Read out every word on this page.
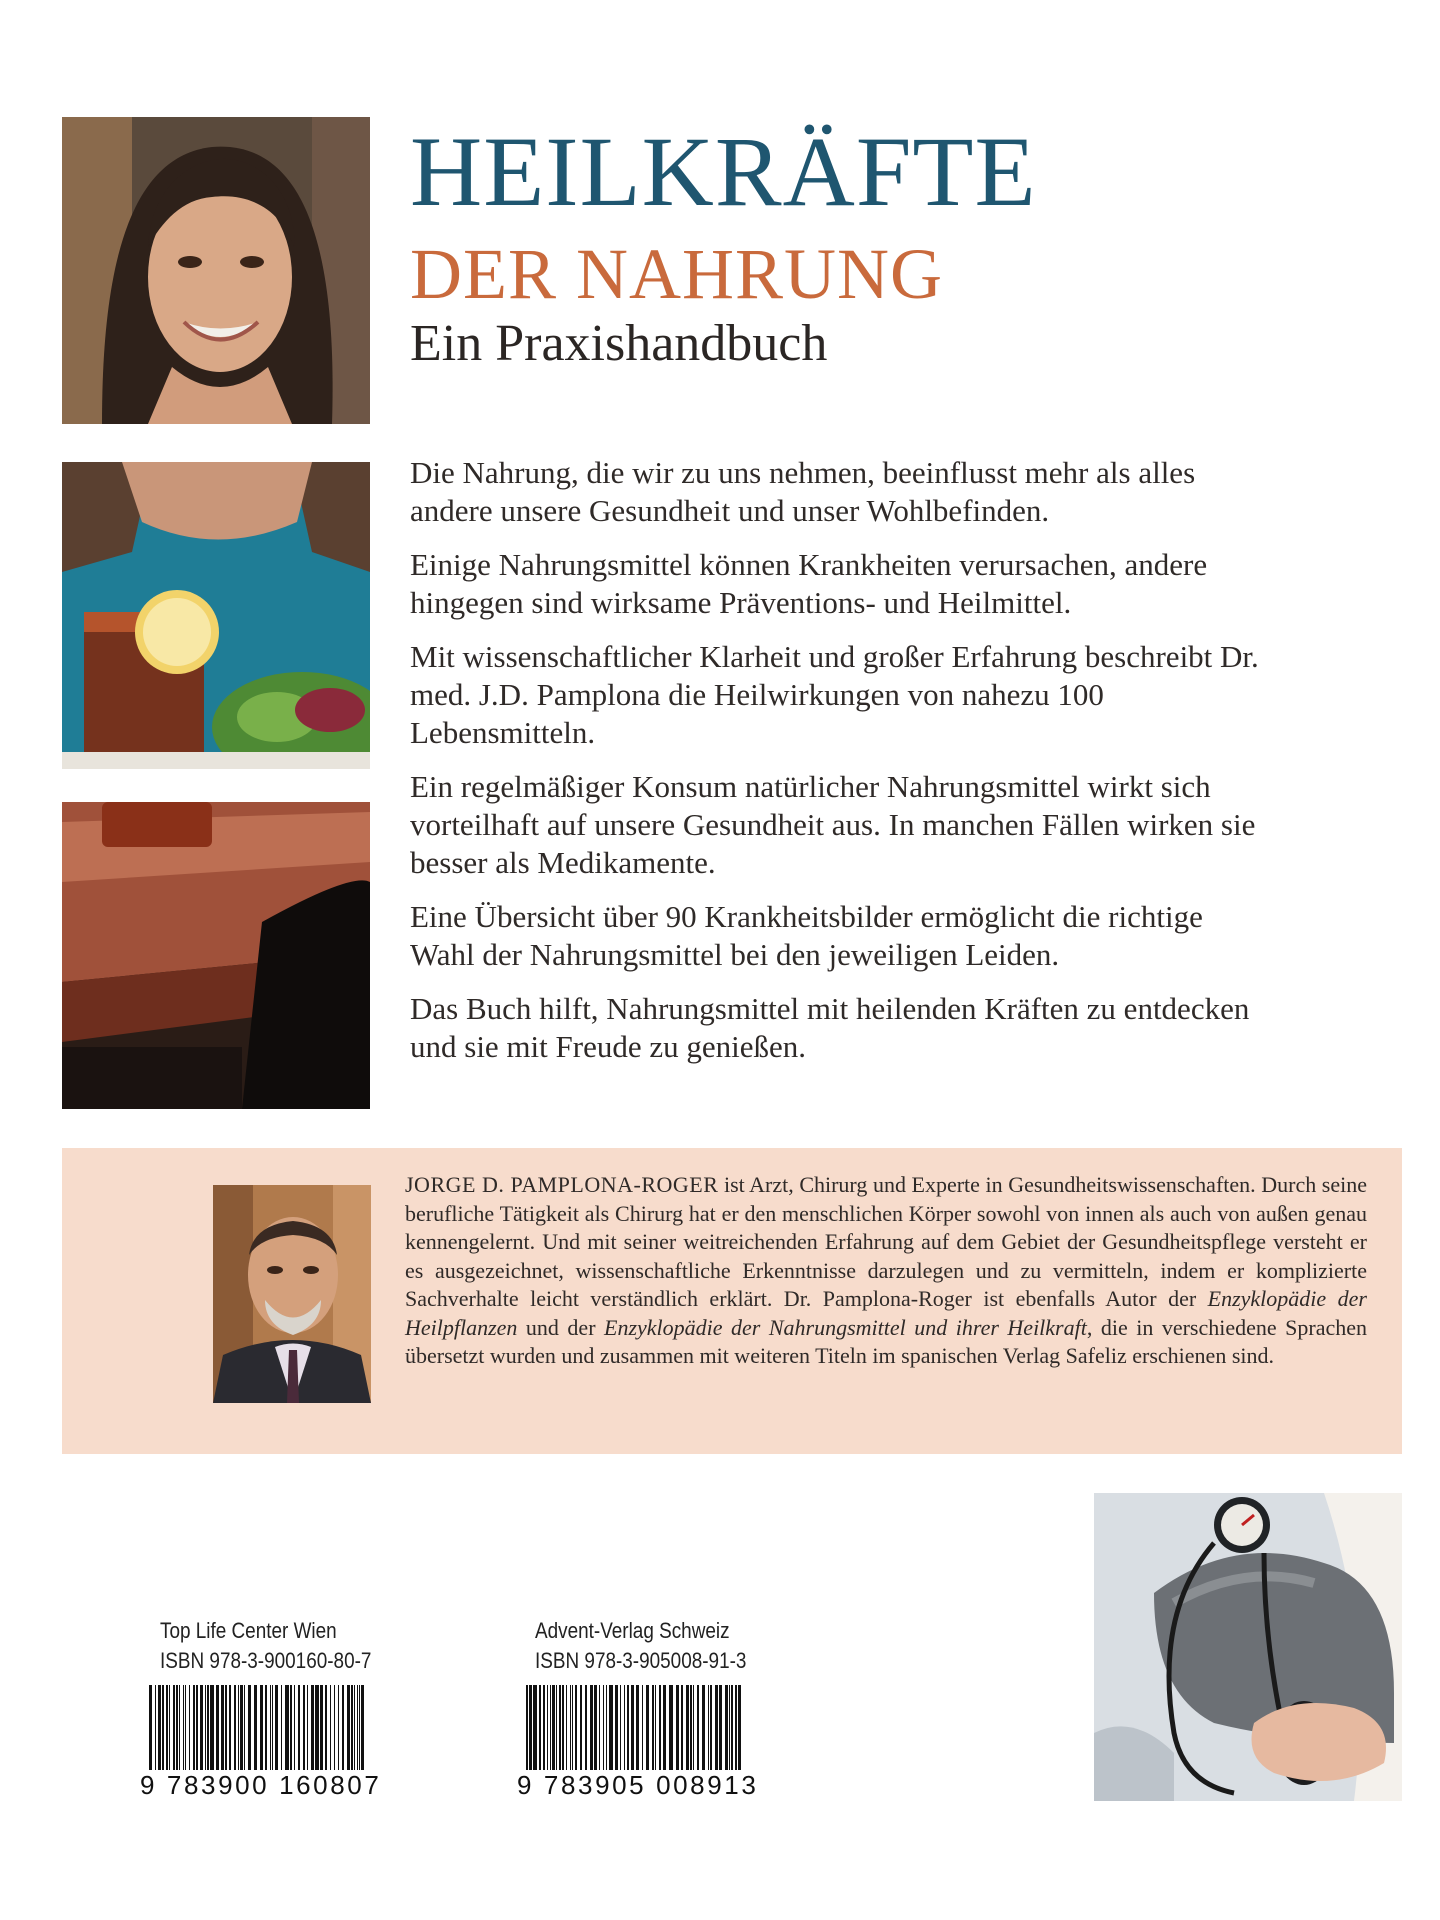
HEILKRÄFTE
DER NAHRUNG
Ein Praxishandbuch

Die Nahrung, die wir zu uns nehmen, beeinflusst mehr als alles andere unsere Gesundheit und unser Wohlbefinden.

Einige Nahrungsmittel können Krankheiten verursachen, andere hingegen sind wirksame Präventions- und Heilmittel.

Mit wissenschaftlicher Klarheit und großer Erfahrung beschreibt Dr. med. J.D. Pamplona die Heilwirkungen von nahezu 100 Lebensmitteln.

Ein regelmäßiger Konsum natürlicher Nahrungsmittel wirkt sich vorteilhaft auf unsere Gesundheit aus. In manchen Fällen wirken sie besser als Medikamente.

Eine Übersicht über 90 Krankheitsbilder ermöglicht die richtige Wahl der Nahrungsmittel bei den jeweiligen Leiden.

Das Buch hilft, Nahrungsmittel mit heilenden Kräften zu entdecken und sie mit Freude zu genießen.

JORGE D. PAMPLONA-ROGER ist Arzt, Chirurg und Experte in Gesundheitswissenschaften. Durch seine berufliche Tätigkeit als Chirurg hat er den menschlichen Körper sowohl von innen als auch von außen genau kennengelernt. Und mit seiner weitreichenden Erfahrung auf dem Gebiet der Gesundheitspflege versteht er es ausgezeichnet, wissenschaftliche Erkenntnisse darzulegen und zu vermitteln, indem er komplizierte Sachverhalte leicht verständlich erklärt. Dr. Pamplona-Roger ist ebenfalls Autor der Enzyklopädie der Heilpflanzen und der Enzyklopädie der Nahrungsmittel und ihrer Heilkraft, die in verschiedene Sprachen übersetzt wurden und zusammen mit weiteren Titeln im spanischen Verlag Safeliz erschienen sind.
Top Life Center Wien
ISBN 978-3-900160-80-7
9 783900 160807
Advent-Verlag Schweiz
ISBN 978-3-905008-91-3
9 783905 008913
